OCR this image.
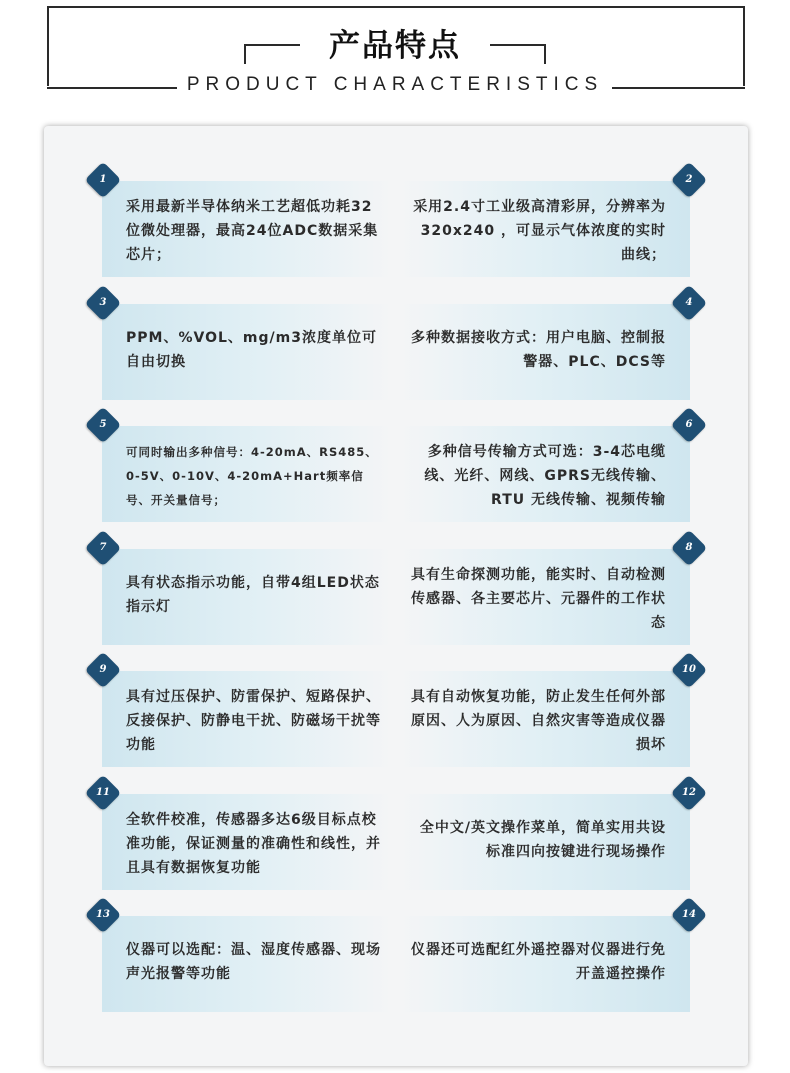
产品特点
PRODUCT CHARACTERISTICS
1
采用最新半导体纳米工艺超低功耗32位微处理器，最高24位ADC数据采集芯片；
2
采用2.4寸工业级高清彩屏，分辨率为320x240 ，可显示气体浓度的实时曲线；
3
PPM、%VOL、mg/m3浓度单位可自由切换
4
多种数据接收方式：用户电脑、控制报警器、PLC、DCS等
5
可同时输出多种信号：4-20mA、RS485、0-5V、0-10V、4-20mA+Hart频率信号、开关量信号；
6
多种信号传输方式可选：3-4芯电缆线、光纤、网线、GPRS无线传输、RTU 无线传输、视频传输
7
具有状态指示功能，自带4组LED状态指示灯
8
具有生命探测功能，能实时、自动检测传感器、各主要芯片、元器件的工作状态
9
具有过压保护、防雷保护、短路保护、反接保护、防静电干扰、防磁场干扰等功能
10
具有自动恢复功能，防止发生任何外部原因、人为原因、自然灾害等造成仪器损坏
11
全软件校准，传感器多达6级目标点校准功能，保证测量的准确性和线性，并且具有数据恢复功能
12
全中文/英文操作菜单，简单实用共设标准四向按键进行现场操作
13
仪器可以选配：温、湿度传感器、现场声光报警等功能
14
仪器还可选配红外遥控器对仪器进行免开盖遥控操作
